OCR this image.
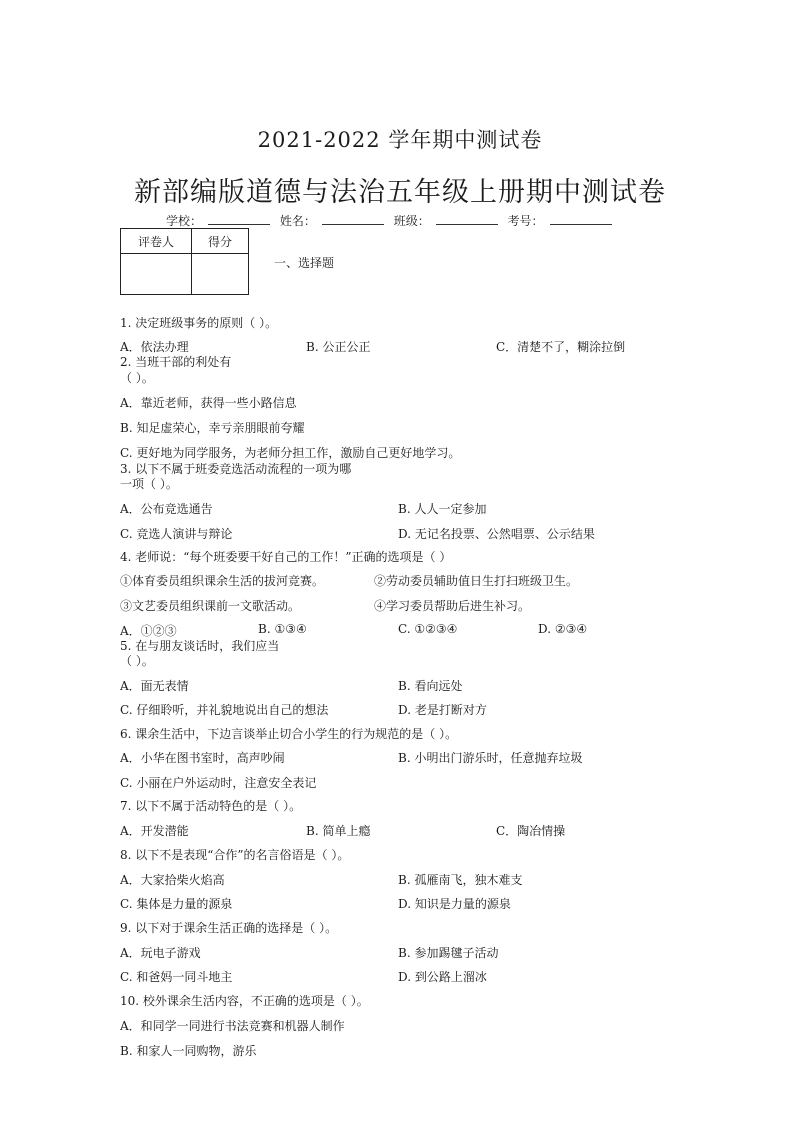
2021-2022 学年期中测试卷
新部编版道德与法治五年级上册期中测试卷
学校：	姓名：	班级：	考号：
评卷人	得分

一、选择题
1. 决定班级事务的原则（ ）。
A．依法办理	B. 公正公正	C．清楚不了，糊涂拉倒
2. 当班干部的利处有
（ ）。
A．靠近老师，获得一些小路信息
B. 知足虚荣心，幸亏亲朋眼前夸耀
C. 更好地为同学服务，为老师分担工作，激励自己更好地学习。
3. 以下不属于班委竞选活动流程的一项为哪
一项（ ）。
A．公布竞选通告	B. 人人一定参加
C. 竞选人演讲与辩论	D. 无记名投票、公然唱票、公示结果
4. 老师说：“每个班委要干好自己的工作！”正确的选项是（ ）
①体育委员组织课余生活的拔河竞赛。	②劳动委员辅助值日生打扫班级卫生。
③文艺委员组织课前一文歌活动。	④学习委员帮助后进生补习。
A．①②③	B. ①③④	C. ①②③④	D. ②③④
5. 在与朋友谈话时，我们应当
（ ）。
A．面无表情	B. 看向远处
C. 仔细聆听，并礼貌地说出自己的想法	D. 老是打断对方
6. 课余生活中，下边言谈举止切合小学生的行为规范的是（ ）。
A．小华在图书室时，高声吵闹	B. 小明出门游乐时，任意抛弃垃圾
C. 小丽在户外运动时，注意安全表记
7. 以下不属于活动特色的是（ ）。
A．开发潜能	B. 简单上瘾	C．陶冶情操
8. 以下不是表现“合作”的名言俗语是（ ）。
A．大家拾柴火焰高	B. 孤雁南飞，独木难支
C. 集体是力量的源泉	D. 知识是力量的源泉
9. 以下对于课余生活正确的选择是（ ）。
A．玩电子游戏	B. 参加踢毽子活动
C. 和爸妈一同斗地主	D. 到公路上溜冰
10. 校外课余生活内容，不正确的选项是（ ）。
A．和同学一同进行书法竞赛和机器人制作
B. 和家人一同购物，游乐
